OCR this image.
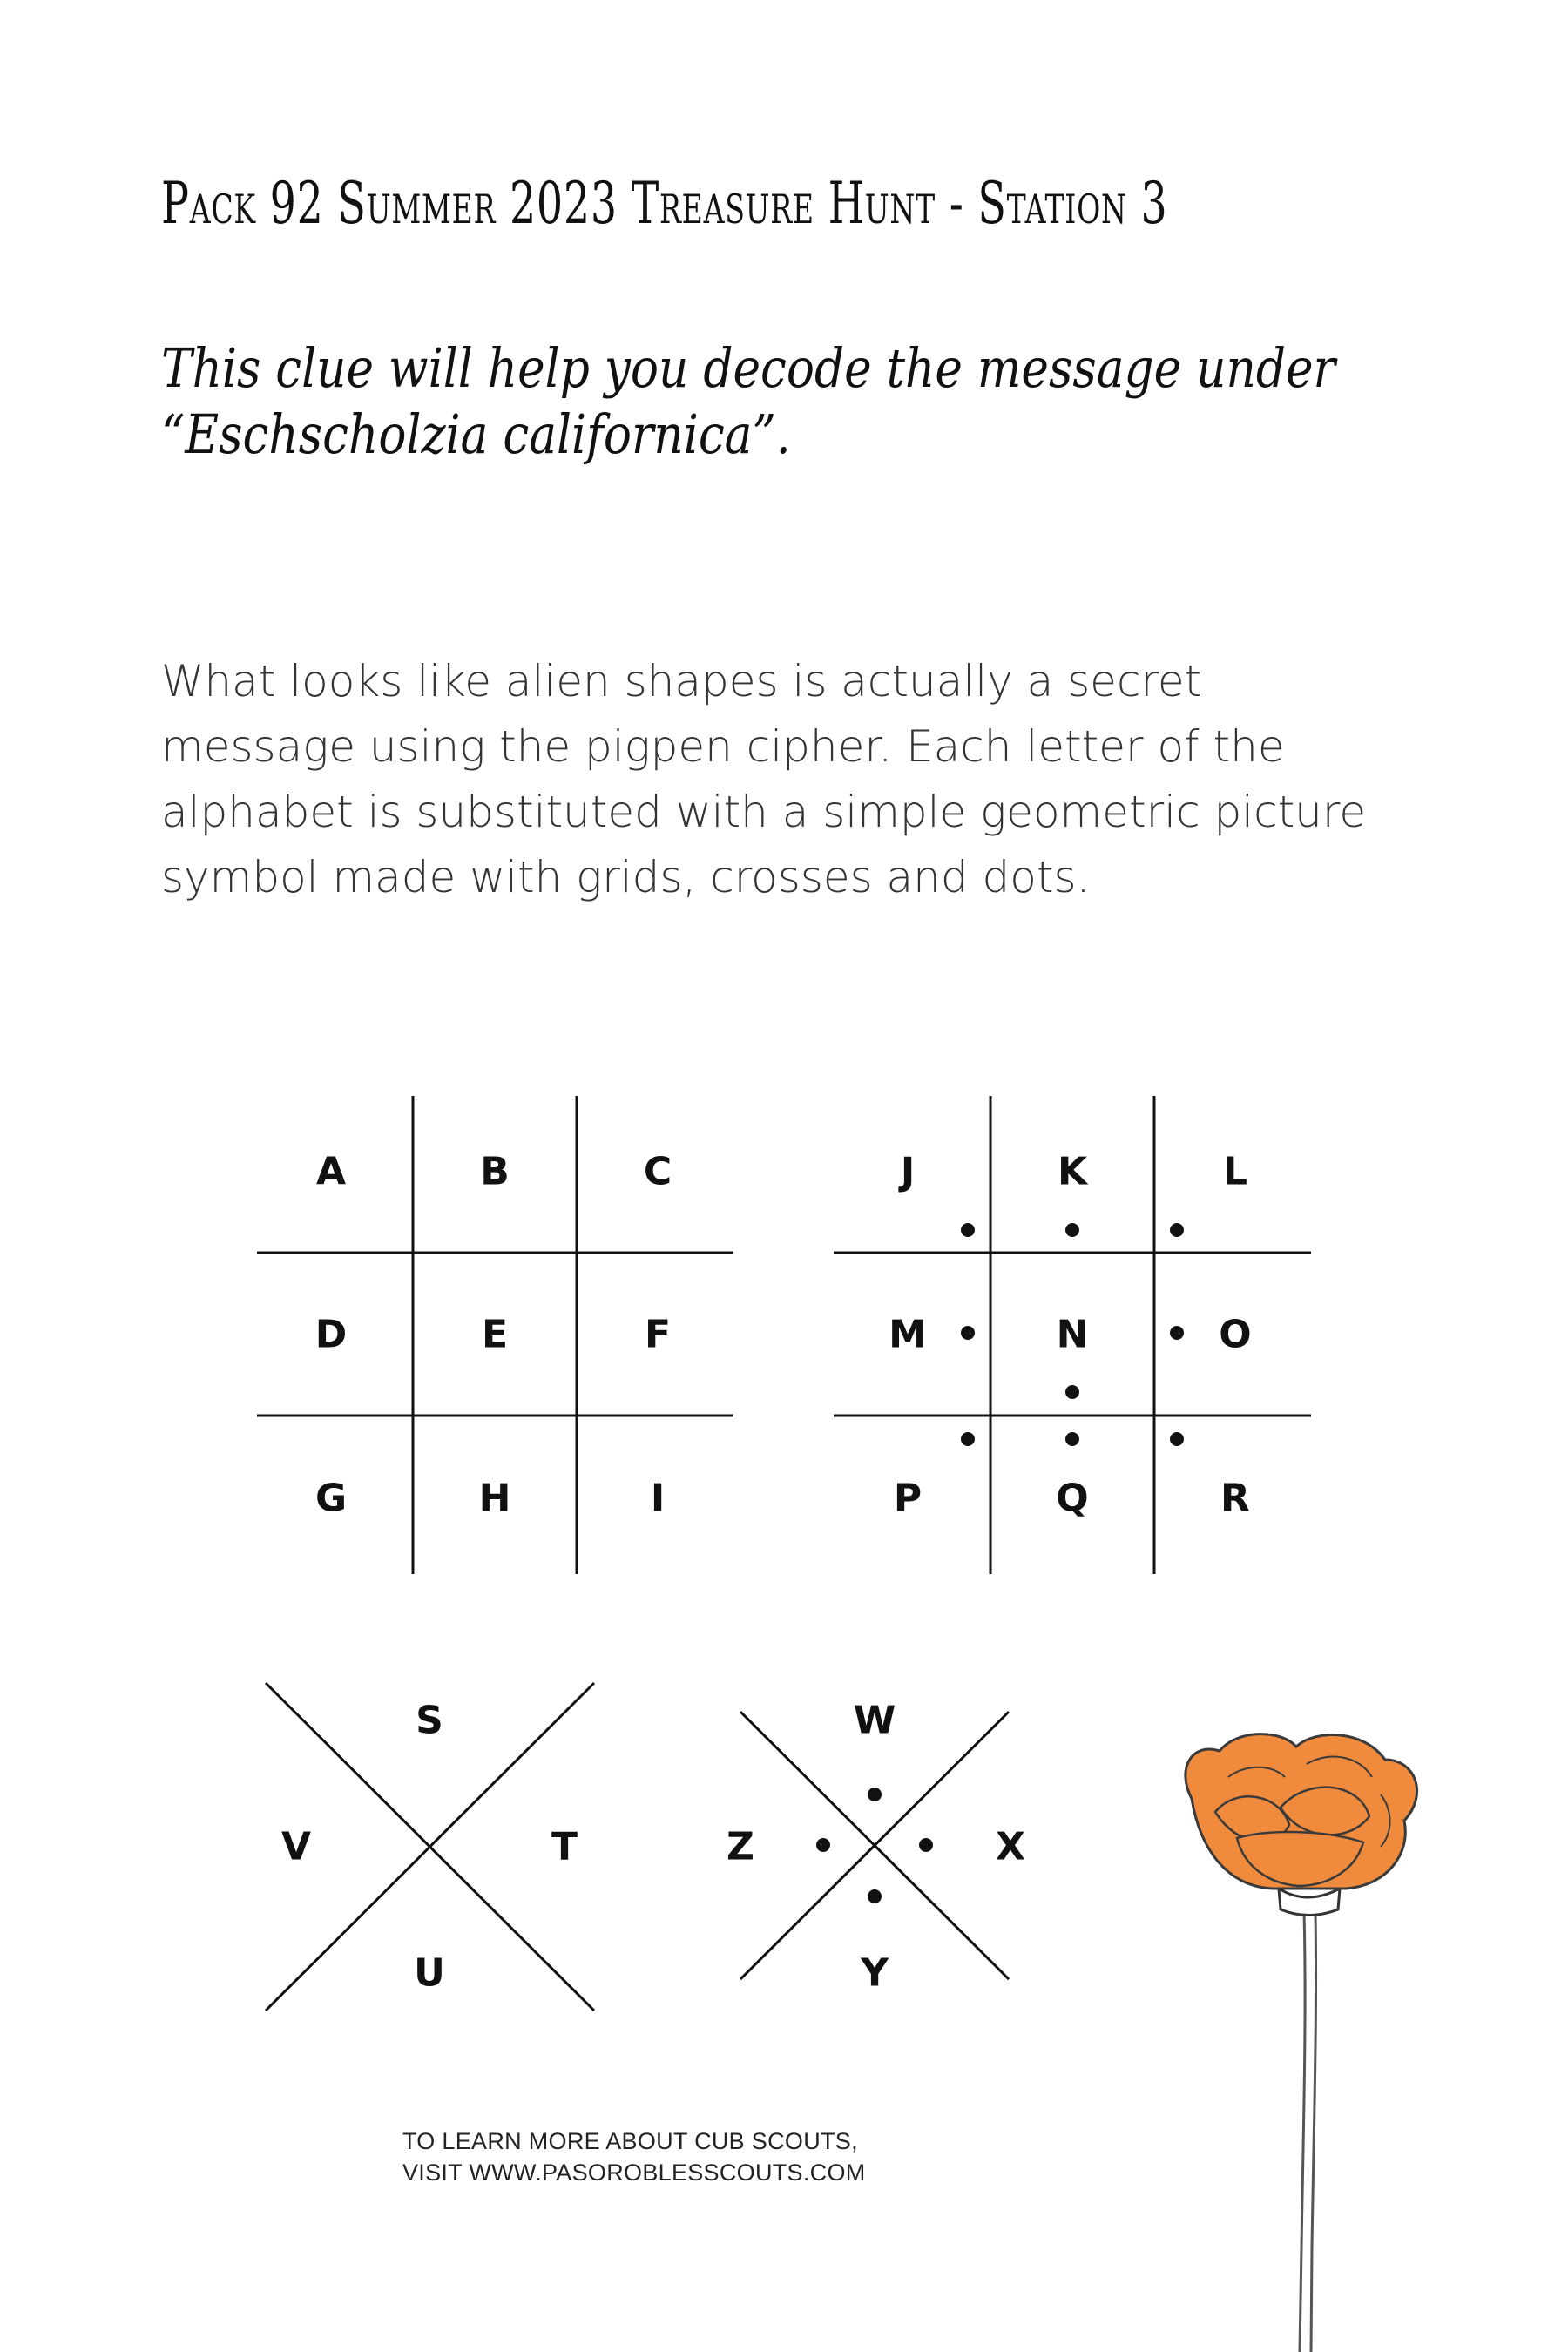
Pack 92 Summer 2023 Treasure Hunt - Station 3
This clue will help you decode the message under
“Eschscholzia californica”.
What looks like alien shapes is actually a secret
message using the pigpen cipher. Each letter of the
alphabet is substituted with a simple geometric picture
symbol made with grids, crosses and dots.
A	B	C
D	E	F
G	H	I
J	K	L
M	N	O
P	Q	R
S
T
U
V
W
X
Y
Z
TO LEARN MORE ABOUT CUB SCOUTS,
VISIT WWW.PASOROBLESSCOUTS.COM
